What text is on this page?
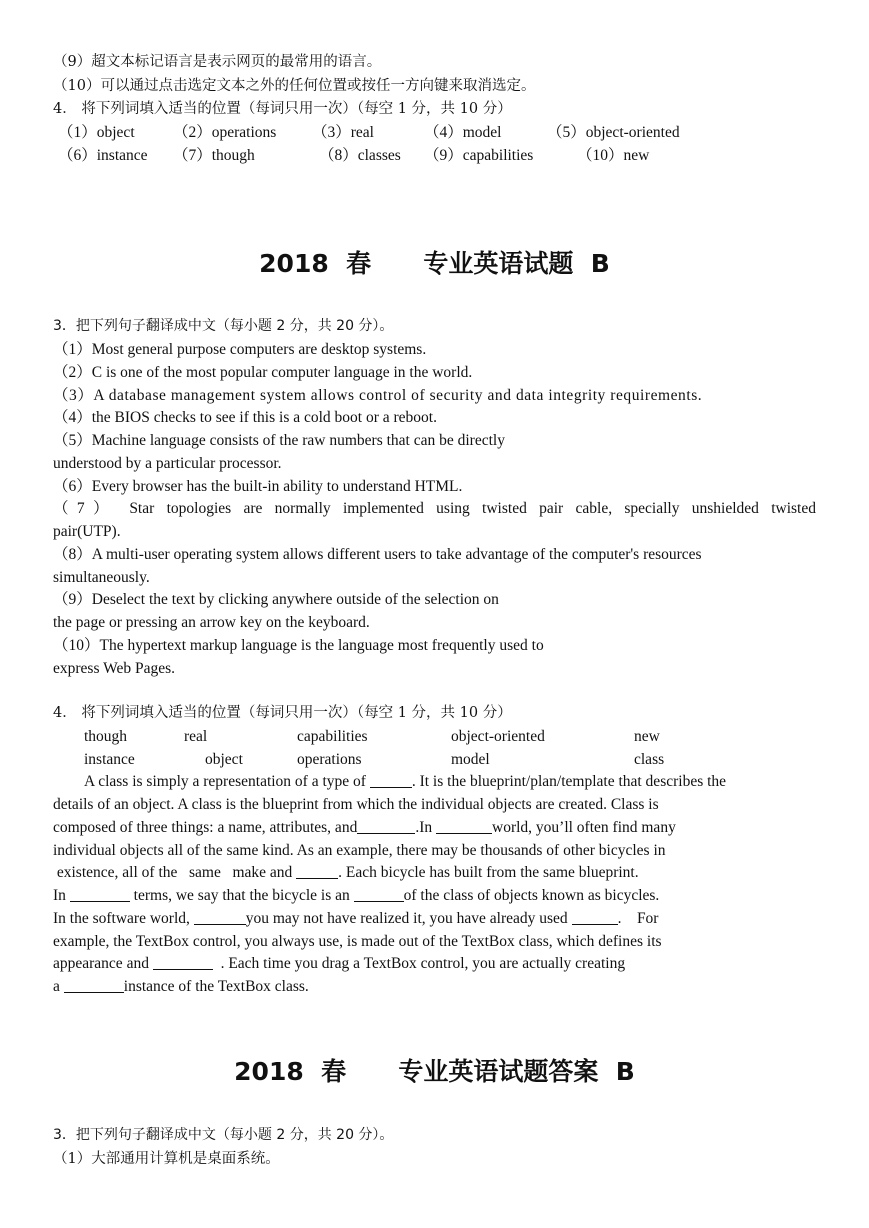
（9）超文本标记语言是表示网页的最常用的语言。
（10）可以通过点击选定文本之外的任何位置或按任一方向键来取消选定。
4． 将下列词填入适当的位置（每词只用一次）（每空 1 分，共 10 分）
（1）object （2）operations （3）real	（4）model	（5）object-oriented
（6）instance （7）though	（8）classes （9）capabilities	（10）new
2018  春      专业英语试题  B
3．把下列句子翻译成中文（每小题 2 分，共 20 分）。
（1）Most general purpose computers are desktop systems.
（2）C is one of the most popular computer language in the world.
（3）A database management system allows control of security and data integrity requirements.
（4）the BIOS checks to see if this is a cold boot or a reboot.
（5）Machine language consists of the raw numbers that can be directly
understood by a particular processor.
（6）Every browser has the built-in ability to understand HTML.
（7） Star topologies are normally implemented using twisted pair cable, specially unshielded twisted
pair(UTP).
（8）A multi-user operating system allows different users to take advantage of the computer's resources
simultaneously.
（9）Deselect the text by clicking anywhere outside of the selection on
the page or pressing an arrow key on the keyboard.
（10）The hypertext markup language is the language most frequently used to
express Web Pages.
4． 将下列词填入适当的位置（每词只用一次）（每空 1 分，共 10 分）
though	real	capabilities	object-oriented	new
instance	object	operations	model	class
A class is simply a representation of a type of	. It is the blueprint/plan/template that describes the
details of an object. A class is the blueprint from which the individual objects are created. Class is
composed of three things: a name, attributes, and	.In	world, you’ll often find many
individual objects all of the same kind. As an example, there may be thousands of other bicycles in
existence, all of the   same   make and	. Each bicycle has built from the same blueprint.
In	terms, we say that the bicycle is an	of the class of objects known as bicycles.
In the software world,	you may not have realized it, you have already used	.    For
example, the TextBox control, you always use, is made out of the TextBox class, which defines its
appearance and	. Each time you drag a TextBox control, you are actually creating
a	instance of the TextBox class.
2018  春      专业英语试题答案  B
3．把下列句子翻译成中文（每小题 2 分，共 20 分）。
（1）大部通用计算机是桌面系统。
